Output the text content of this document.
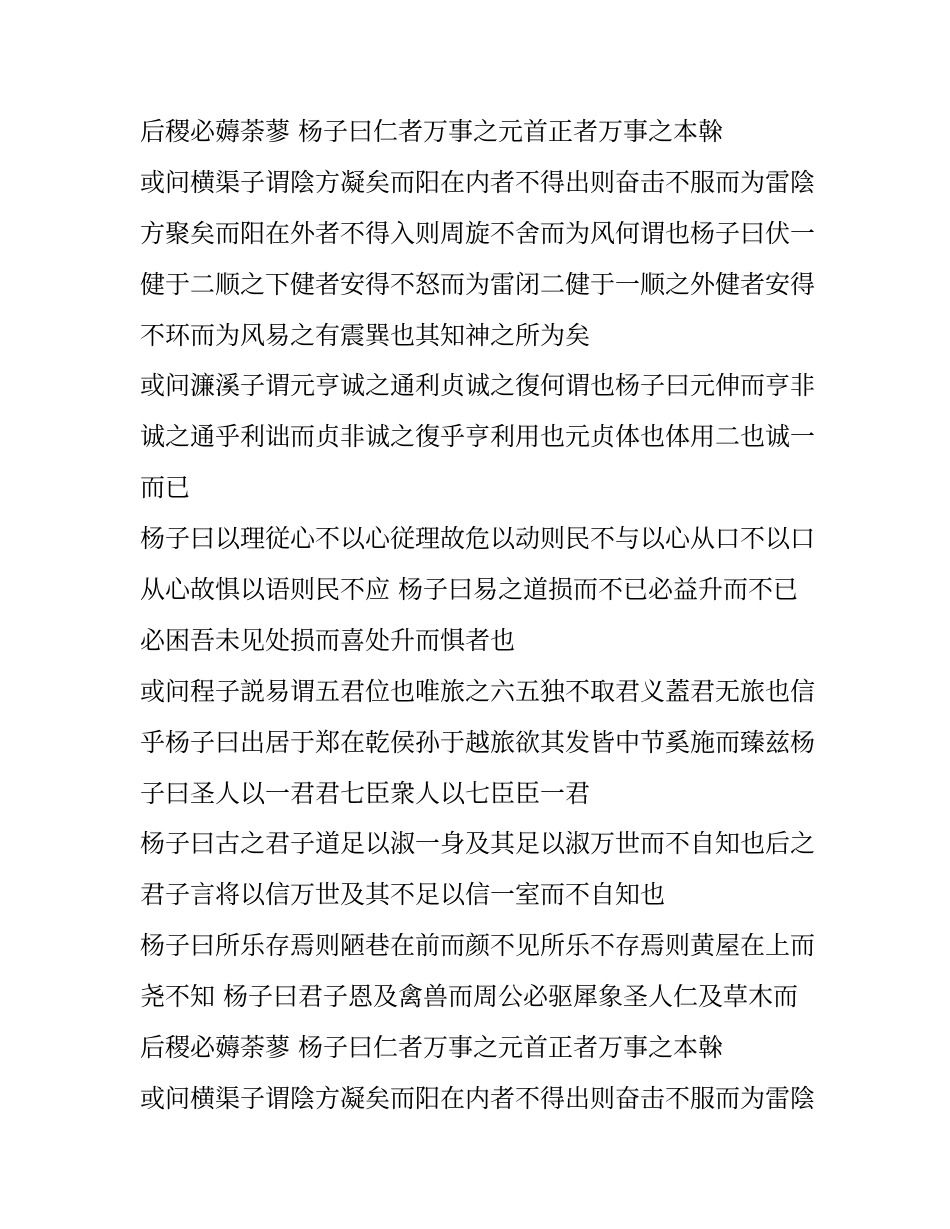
后稷必薅荼蓼 杨子曰仁者万事之元首正者万事之本榦
或问横渠子谓陰方凝矣而阳在内者不得出则奋击不服而为雷陰
方聚矣而阳在外者不得入则周旋不舍而为风何谓也杨子曰伏一
健于二顺之下健者安得不怒而为雷闭二健于一顺之外健者安得
不环而为风易之有震巽也其知神之所为矣
或问濂溪子谓元亨诚之通利贞诚之復何谓也杨子曰元伸而亨非
诚之通乎利诎而贞非诚之復乎亨利用也元贞体也体用二也诚一
而已
杨子曰以理従心不以心従理故危以动则民不与以心从口不以口
从心故惧以语则民不应 杨子曰易之道损而不已必益升而不已
必困吾未见处损而喜处升而惧者也
或问程子説易谓五君位也唯旅之六五独不取君义蓋君无旅也信
乎杨子曰出居于郑在乾侯孙于越旅欲其发皆中节奚施而臻兹杨
子曰圣人以一君君七臣衆人以七臣臣一君
杨子曰古之君子道足以淑一身及其足以淑万世而不自知也后之
君子言将以信万世及其不足以信一室而不自知也
杨子曰所乐存焉则陋巷在前而颜不见所乐不存焉则黄屋在上而
尧不知 杨子曰君子恩及禽兽而周公必驱犀象圣人仁及草木而
后稷必薅荼蓼 杨子曰仁者万事之元首正者万事之本榦
或问横渠子谓陰方凝矣而阳在内者不得出则奋击不服而为雷陰
